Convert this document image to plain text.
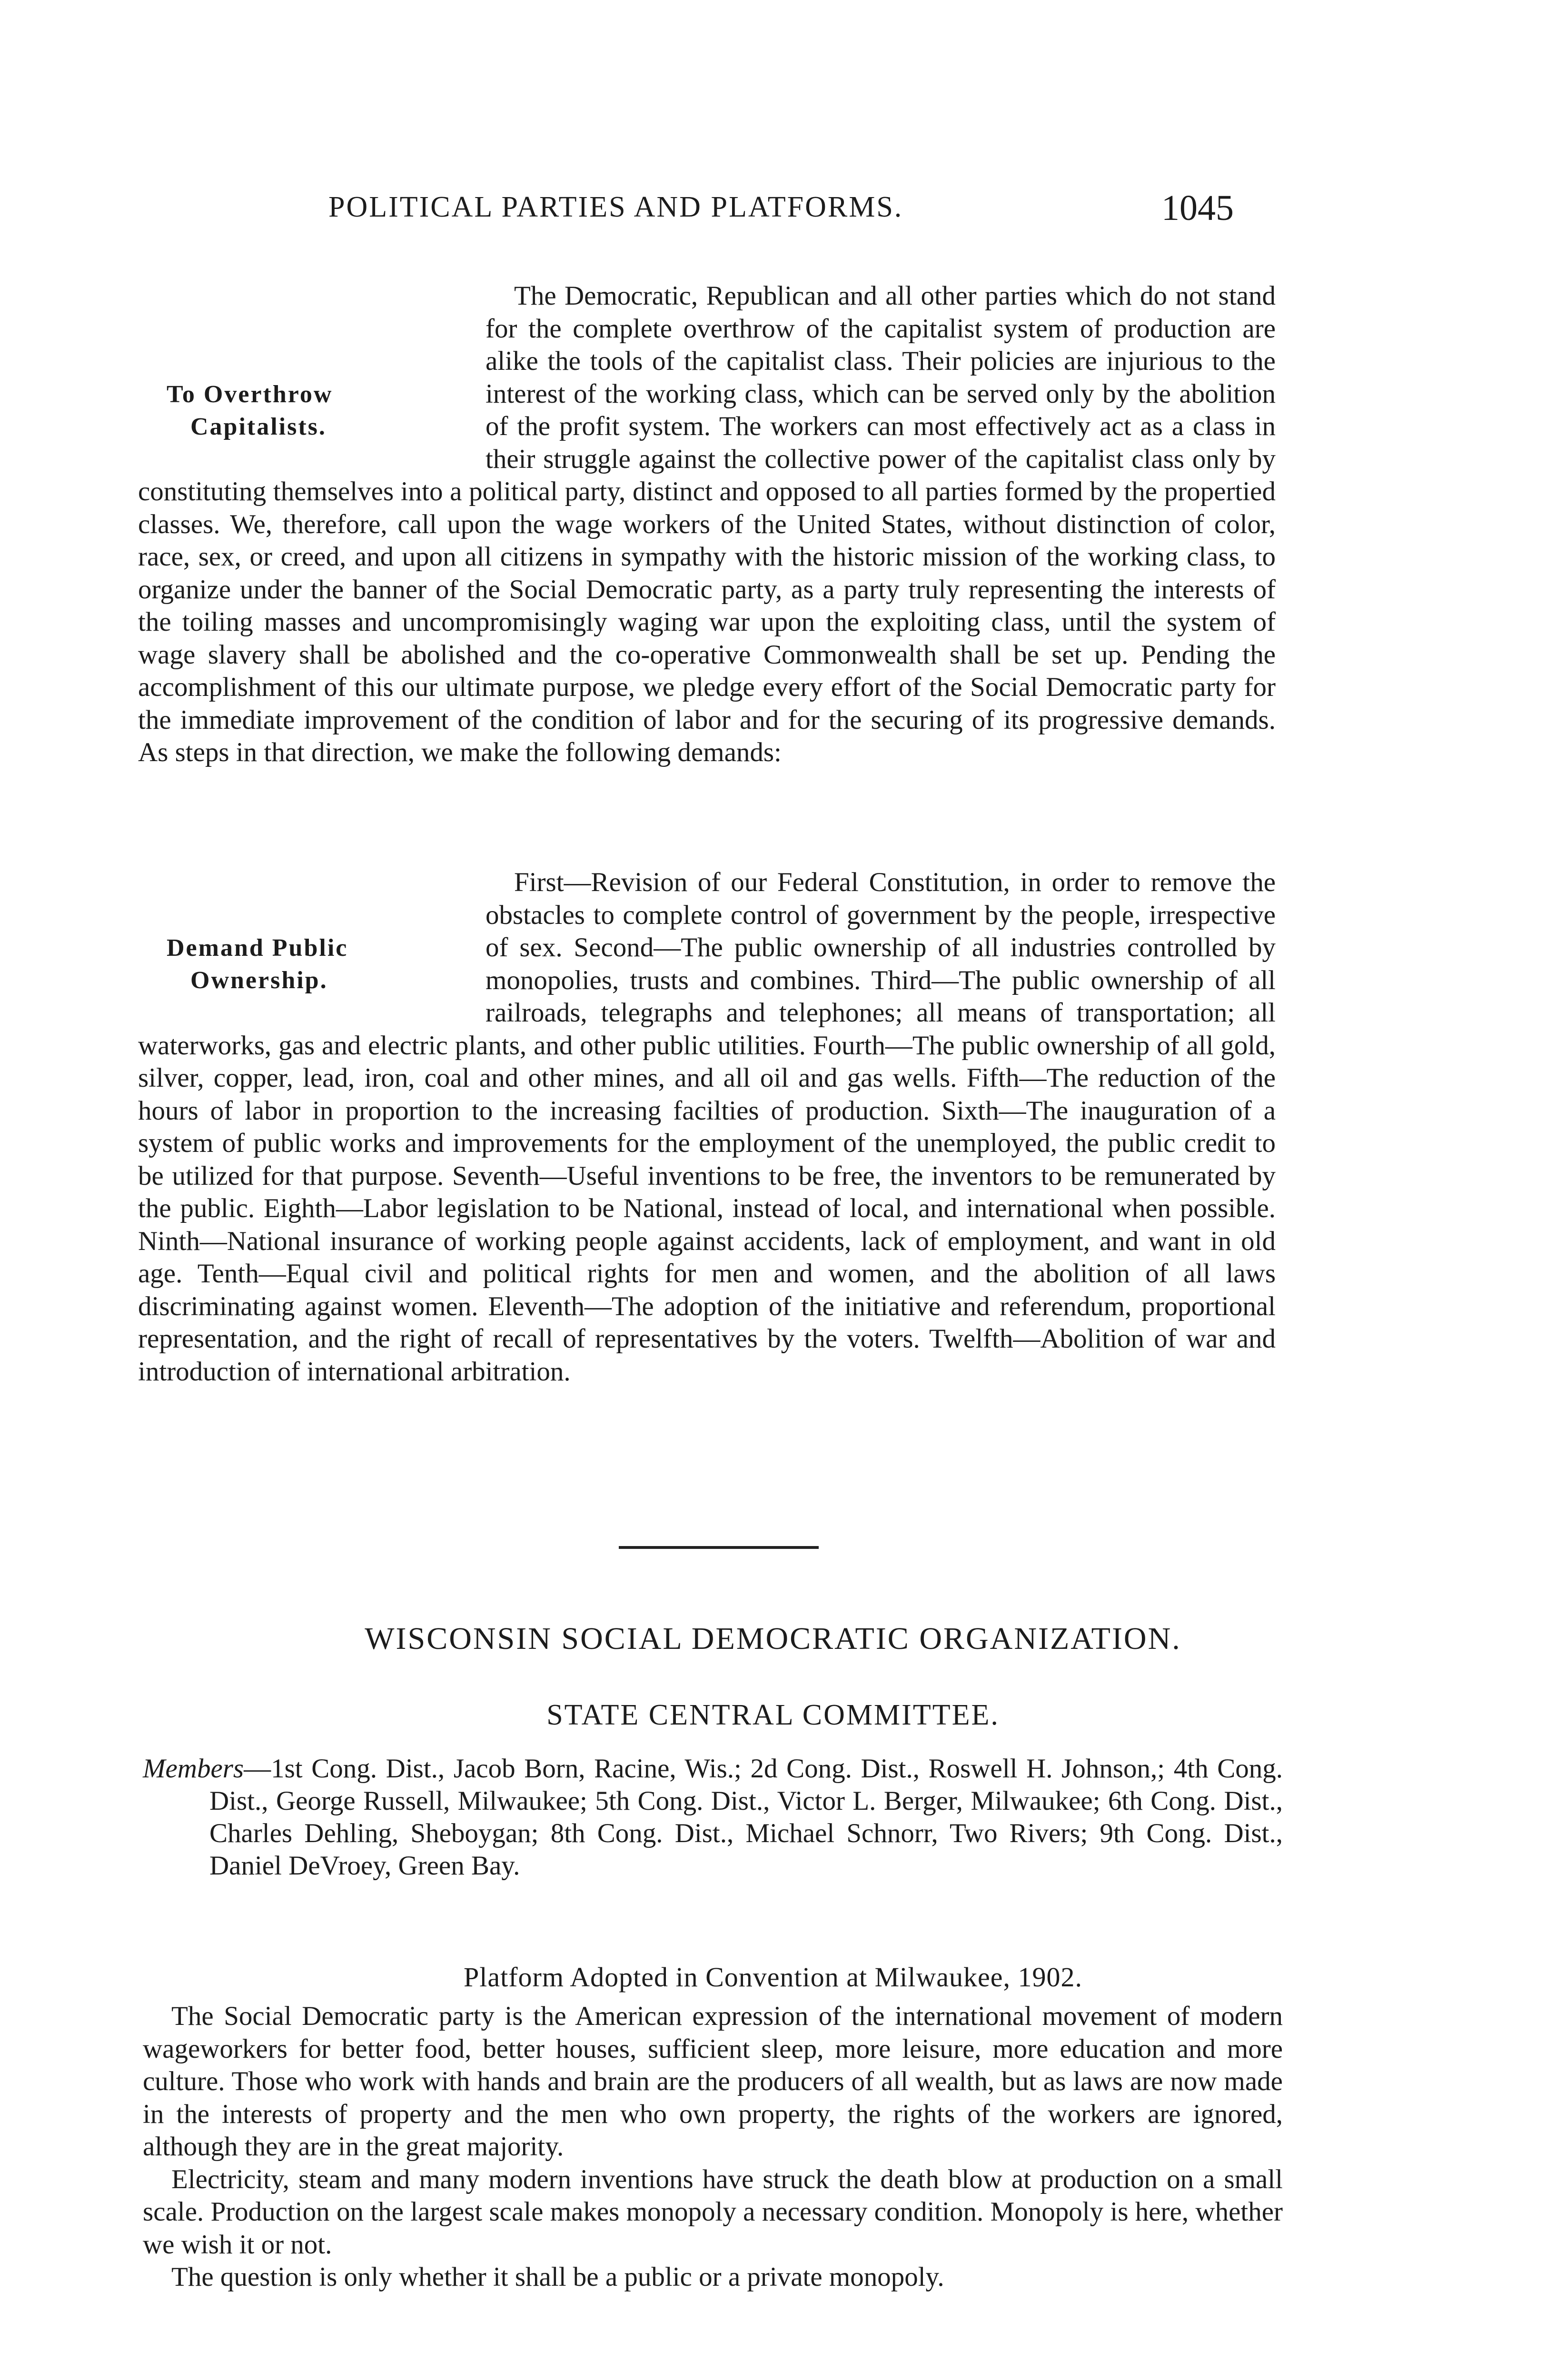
POLITICAL PARTIES AND PLATFORMS.	1045

To Overthrow

Capitalists.
The Democratic, Republican and all other parties which do not stand for the complete overthrow of the capitalist system of production are alike the tools of the capitalist class. Their policies are injurious to the interest of the working class, which can be served only by the abolition of the profit system. The workers can most effectively act as a class in their struggle against the collective power of the capitalist class only by constituting themselves into a political party, distinct and opposed to all parties formed by the propertied classes. We, therefore, call upon the wage workers of the United States, without distinction of color, race, sex, or creed, and upon all citizens in sympathy with the historic mission of the working class, to organize under the banner of the Social Democratic party, as a party truly representing the interests of the toiling masses and uncompromisingly waging war upon the exploiting class, until the system of wage slavery shall be abolished and the co-operative Commonwealth shall be set up. Pending the accomplishment of this our ultimate purpose, we pledge every effort of the Social Democratic party for the immediate improvement of the condition of labor and for the securing of its progressive demands. As steps in that direction, we make the following demands:

Demand Public

Ownership.
First—Revision of our Federal Constitution, in order to remove the obstacles to complete control of government by the people, irrespective of sex. Second—The public ownership of all industries controlled by monopolies, trusts and combines. Third—The public ownership of all railroads, telegraphs and telephones; all means of transportation; all waterworks, gas and electric plants, and other public utilities. Fourth—The public ownership of all gold, silver, copper, lead, iron, coal and other mines, and all oil and gas wells. Fifth—The reduction of the hours of labor in proportion to the increasing facilties of production. Sixth—The inauguration of a system of public works and improvements for the employment of the unemployed, the public credit to be utilized for that purpose. Seventh—Useful inventions to be free, the inventors to be remunerated by the public. Eighth—Labor legislation to be National, instead of local, and international when possible. Ninth—National insurance of working people against accidents, lack of employment, and want in old age. Tenth—Equal civil and political rights for men and women, and the abolition of all laws discriminating against women. Eleventh—The adoption of the initiative and referendum, proportional representation, and the right of recall of representatives by the voters. Twelfth—Abolition of war and introduction of international arbitration.

WISCONSIN SOCIAL DEMOCRATIC ORGANIZATION.
STATE CENTRAL COMMITTEE.
Members—1st Cong. Dist., Jacob Born, Racine, Wis.; 2d Cong. Dist., Roswell H. Johnson,; 4th Cong. Dist., George Russell, Milwaukee; 5th Cong. Dist., Victor L. Berger, Milwaukee; 6th Cong. Dist., Charles Dehling, Sheboygan; 8th Cong. Dist., Michael Schnorr, Two Rivers; 9th Cong. Dist., Daniel DeVroey, Green Bay.
Platform Adopted in Convention at Milwaukee, 1902.

The Social Democratic party is the American expression of the international movement of modern wageworkers for better food, better houses, sufficient sleep, more leisure, more education and more culture. Those who work with hands and brain are the producers of all wealth, but as laws are now made in the interests of property and the men who own property, the rights of the workers are ignored, although they are in the great majority.

Electricity, steam and many modern inventions have struck the death blow at production on a small scale. Production on the largest scale makes monopoly a necessary condition. Monopoly is here, whether we wish it or not.

The question is only whether it shall be a public or a private monopoly.
